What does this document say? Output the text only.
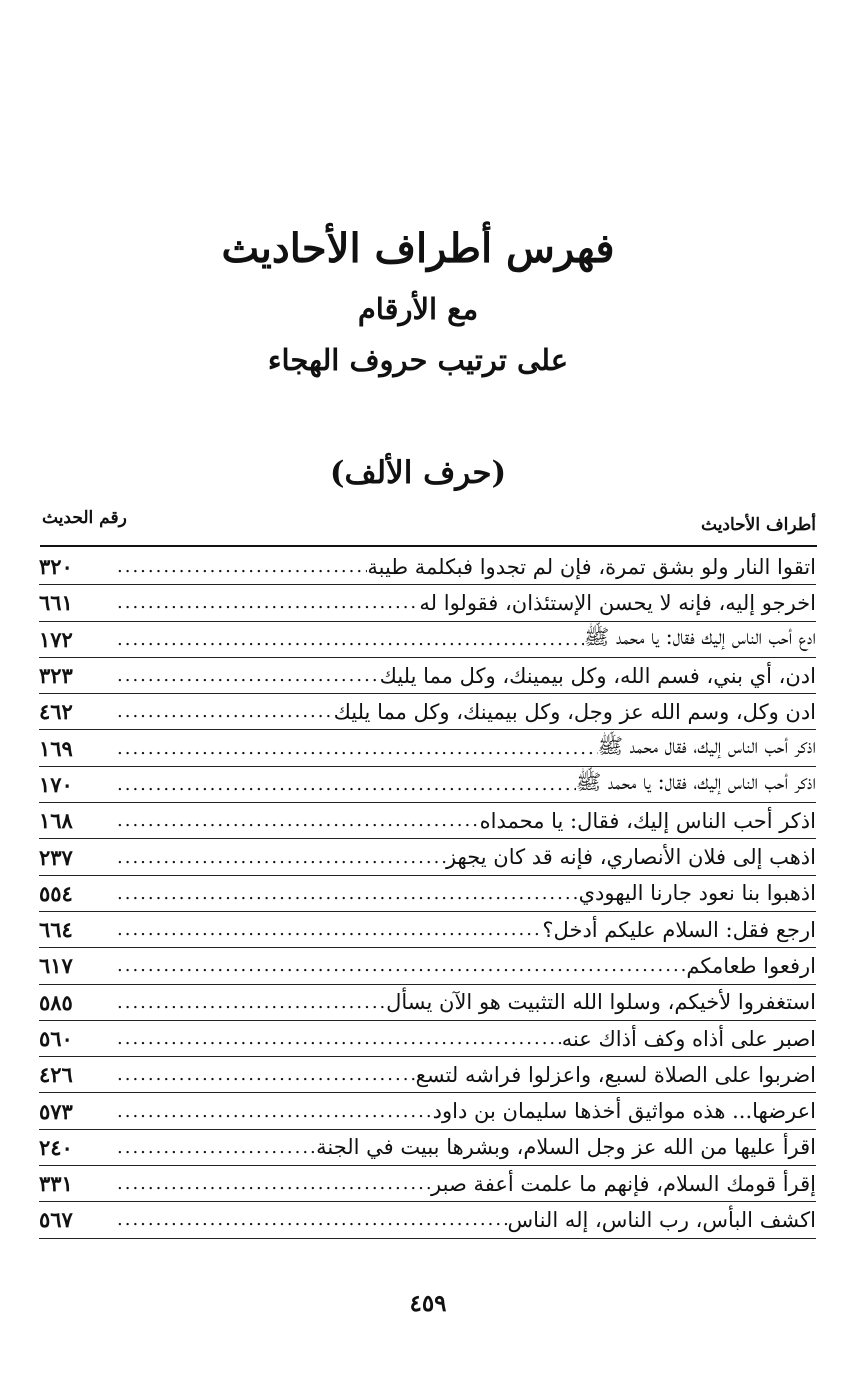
فهرس أطراف الأحاديث
مع الأرقام
على ترتيب حروف الهجاء
(حرف الألف)
أطراف الأحاديث
رقم الحديث
اتقوا النار ولو بشق تمرة، فإن لم تجدوا فبكلمة طيبة
.....
٣٢٠
اخرجو إليه، فإنه لا يحسن الإستئذان، فقولوا له
.....
٦٦١
ادع أحب الناس إليك فقال: يا محمد ﷺ
.....
١٧٢
ادن، أي بني، فسم الله، وكل بيمينك، وكل مما يليك
.....
٣٢٣
ادن وكل، وسم الله عز وجل، وكل بيمينك، وكل مما يليك
.....
٤٦٢
اذكر أحب الناس إليك، فقال محمد ﷺ
.....
١٦٩
اذكر أحب الناس إليك، فقال: يا محمد ﷺ
.....
١٧٠
اذكر أحب الناس إليك، فقال: يا محمداه
.....
١٦٨
اذهب إلى فلان الأنصاري، فإنه قد كان يجهز
.....
٢٣٧
اذهبوا بنا نعود جارنا اليهودي
.....
٥٥٤
ارجع فقل: السلام عليكم أدخل؟
.....
٦٦٤
ارفعوا طعامكم
.....
٦١٧
استغفروا لأخيكم، وسلوا الله التثبيت هو الآن يسأل
.....
٥٨٥
اصبر على أذاه وكف أذاك عنه
.....
٥٦٠
اضربوا على الصلاة لسبع، واعزلوا فراشه لتسع
.....
٤٢٦
اعرضها... هذه مواثيق أخذها سليمان بن داود
.....
٥٧٣
اقرأ عليها من الله عز وجل السلام، وبشرها ببيت في الجنة
.....
٢٤٠
إقرأ قومك السلام، فإنهم ما علمت أعفة صبر
.....
٣٣١
اكشف البأس، رب الناس، إله الناس
.....
٥٦٧
٤٥٩
